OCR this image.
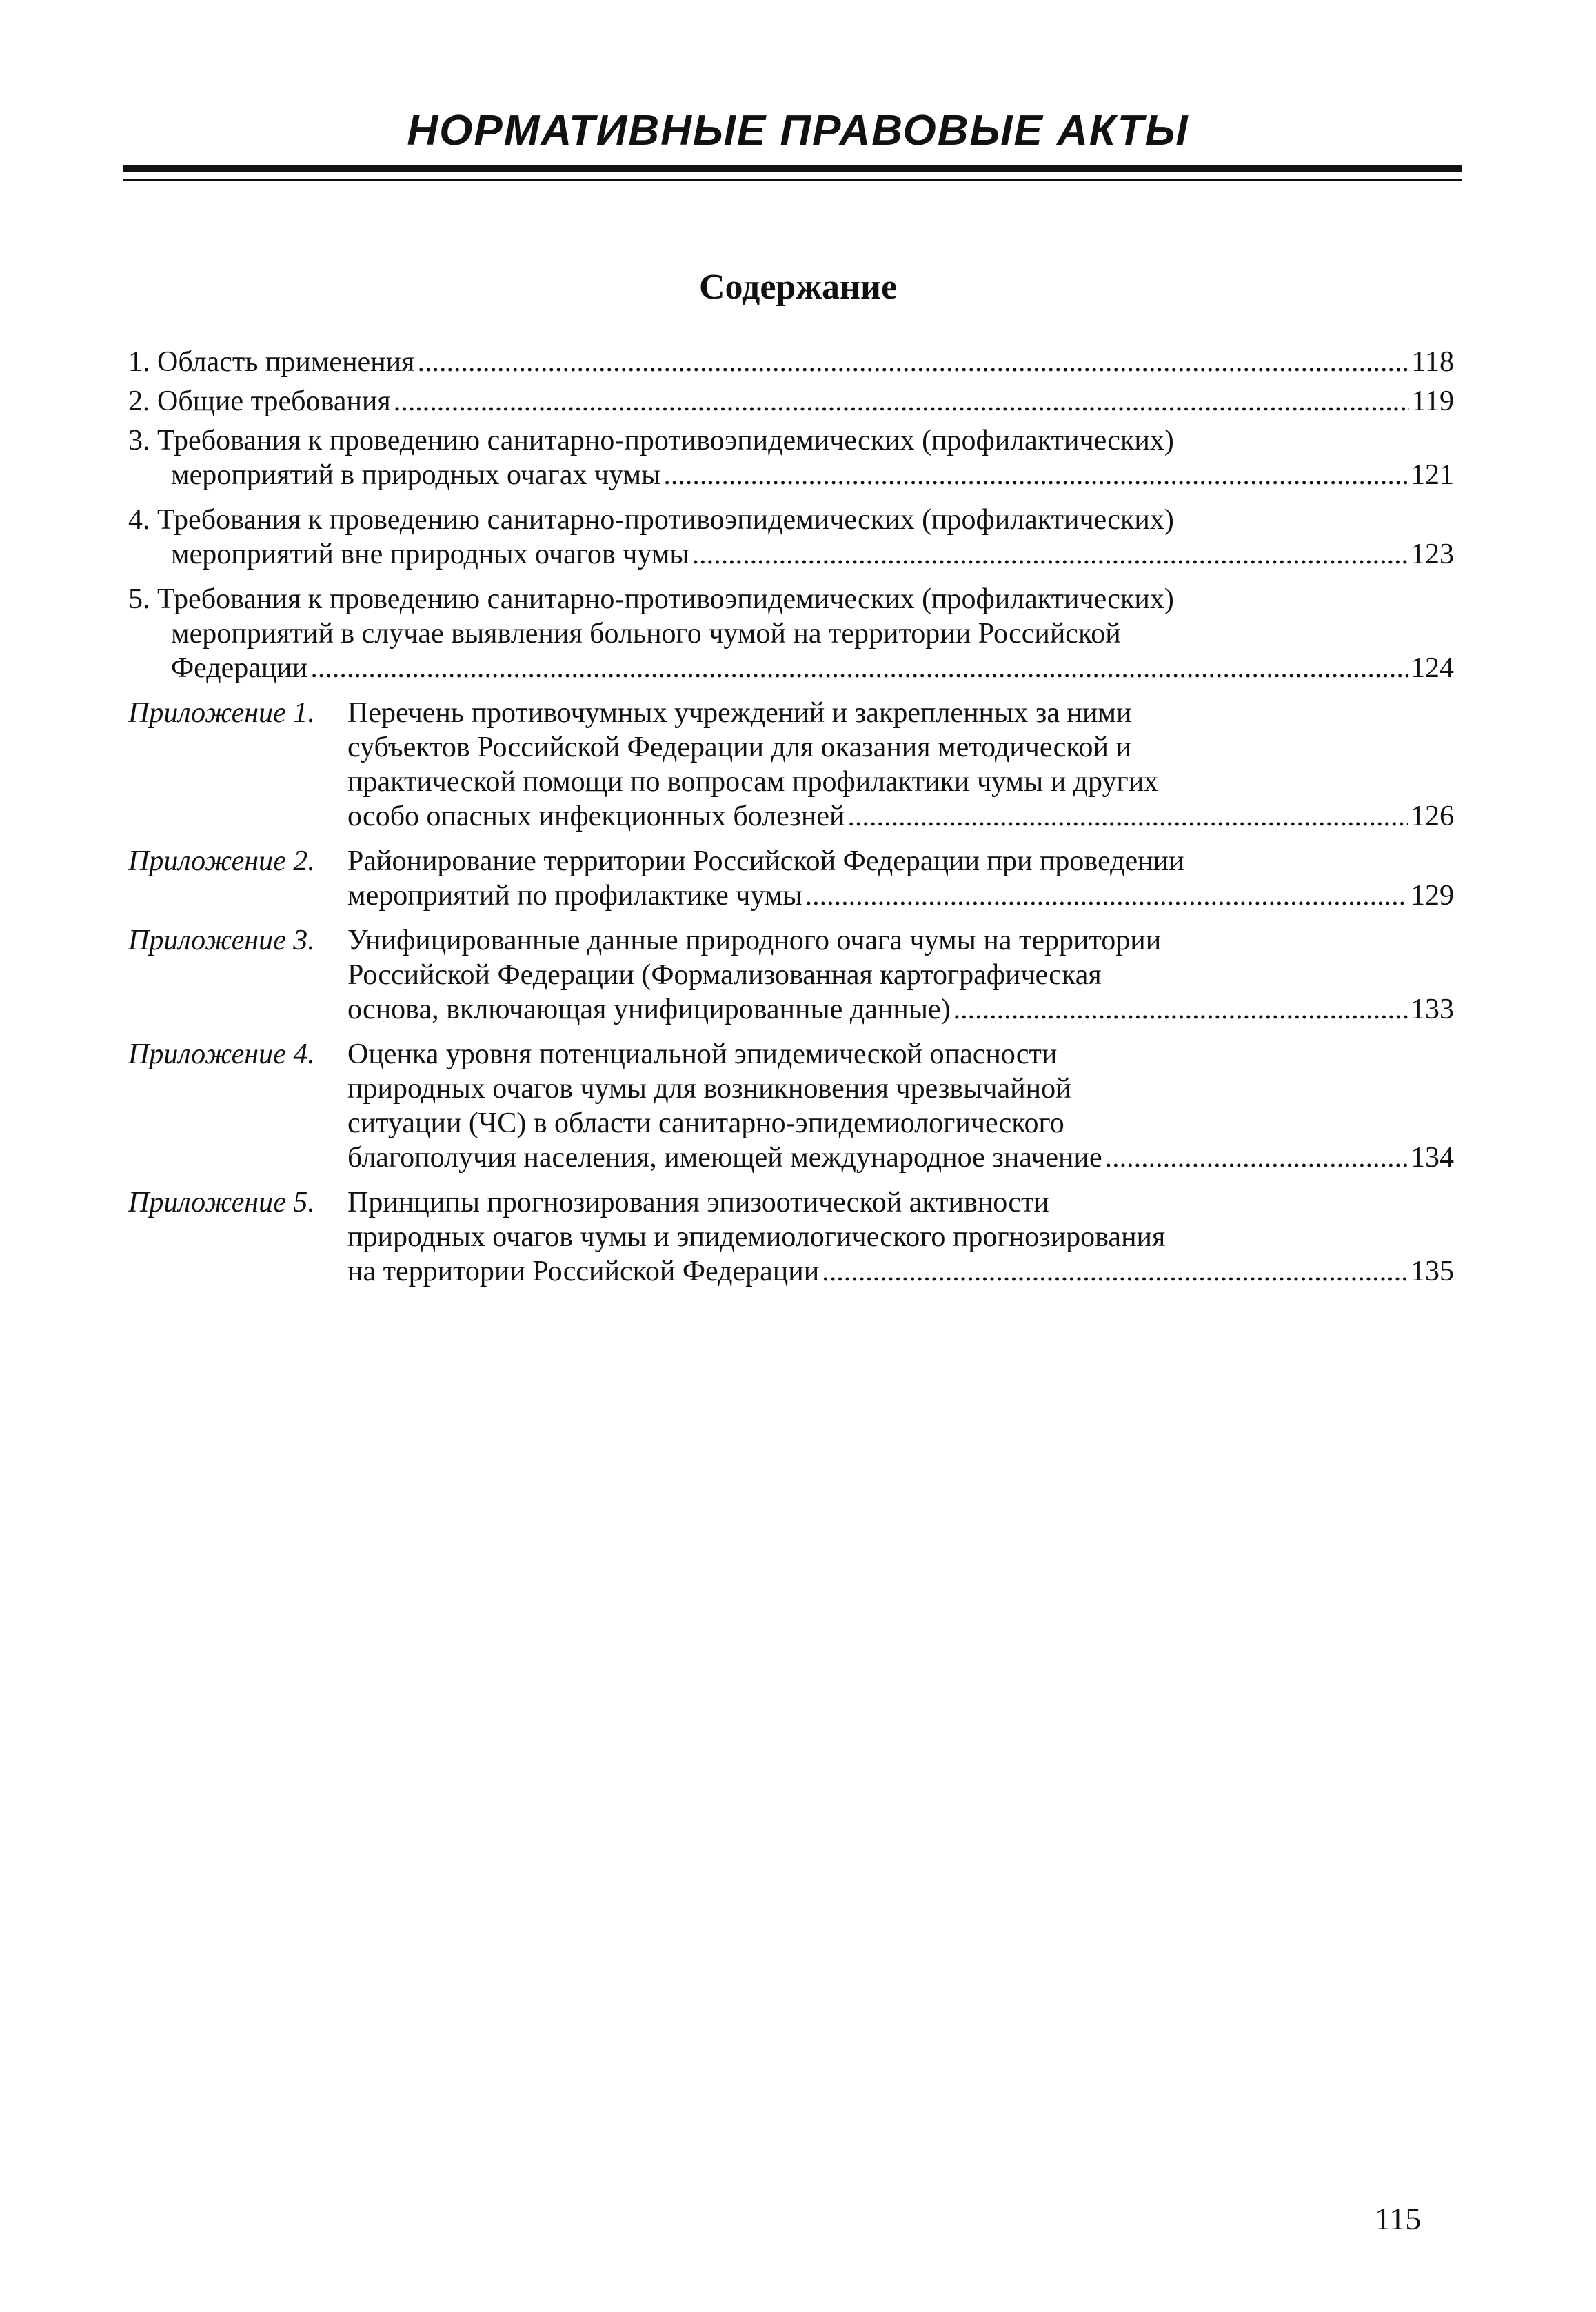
НОРМАТИВНЫЕ ПРАВОВЫЕ АКТЫ
Содержание
1. Область применения .....	118
2. Общие требования .....	119
3. Требования к проведению санитарно-противоэпидемических (профилактических)
мероприятий в природных очагах чумы .....	121
4. Требования к проведению санитарно-противоэпидемических (профилактических)
мероприятий вне природных очагов чумы .....	123
5. Требования к проведению санитарно-противоэпидемических (профилактических)
мероприятий в случае выявления больного чумой на территории Российской
Федерации .....	124
Приложение 1. Перечень противочумных учреждений и закрепленных за ними
субъектов Российской Федерации для оказания методической и
практической помощи по вопросам профилактики чумы и других
особо опасных инфекционных болезней .....	126
Приложение 2. Районирование территории Российской Федерации при проведении
мероприятий по профилактике чумы .....	129
Приложение 3. Унифицированные данные природного очага чумы на территории
Российской Федерации (Формализованная картографическая
основа, включающая унифицированные данные) .....	133
Приложение 4. Оценка уровня потенциальной эпидемической опасности
природных очагов чумы для возникновения чрезвычайной
ситуации (ЧС) в области санитарно-эпидемиологического
благополучия населения, имеющей международное значение .....	134
Приложение 5. Принципы прогнозирования эпизоотической активности
природных очагов чумы и эпидемиологического прогнозирования
на территории Российской Федерации .....	135
115
